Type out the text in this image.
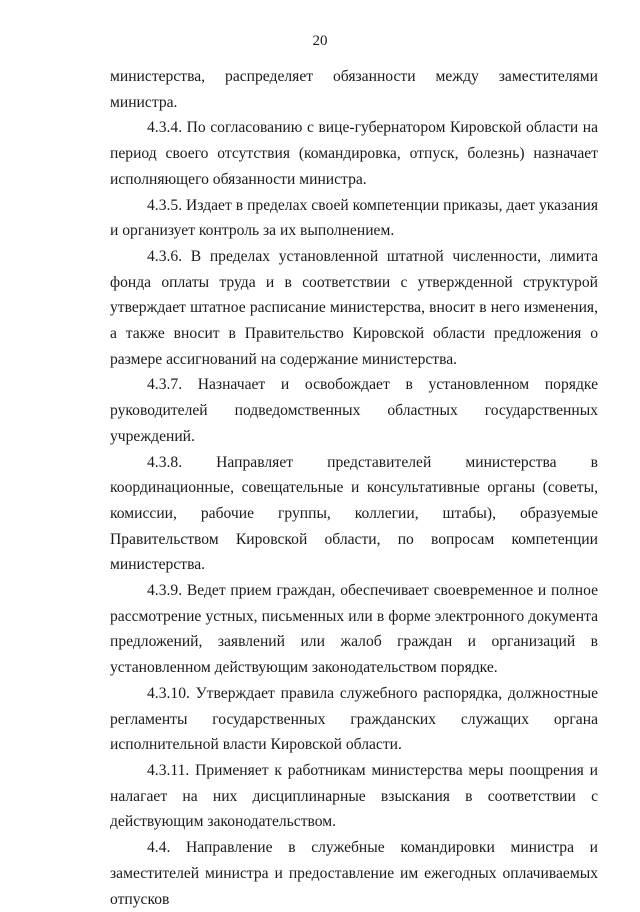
20

министерства, распределяет обязанности между заместителями министра.

4.3.4. По согласованию с вице-губернатором Кировской области на период своего отсутствия (командировка, отпуск, болезнь) назначает исполняющего обязанности министра.

4.3.5. Издает в пределах своей компетенции приказы, дает указания и организует контроль за их выполнением.

4.3.6. В пределах установленной штатной численности, лимита фонда оплаты труда и в соответствии с утвержденной структурой утверждает штатное расписание министерства, вносит в него изменения, а также вносит в Правительство Кировской области предложения о размере ассигнований на содержание министерства.

4.3.7. Назначает и освобождает в установленном порядке руководителей подведомственных областных государственных учреждений.

4.3.8. Направляет представителей министерства в координационные, совещательные и консультативные органы (советы, комиссии, рабочие группы, коллегии, штабы), образуемые Правительством Кировской области, по вопросам компетенции министерства.

4.3.9. Ведет прием граждан, обеспечивает своевременное и полное рассмотрение устных, письменных или в форме электронного документа предложений, заявлений или жалоб граждан и организаций в установленном действующим законодательством порядке.

4.3.10. Утверждает правила служебного распорядка, должностные регламенты государственных гражданских служащих органа исполнительной власти Кировской области.

4.3.11. Применяет к работникам министерства меры поощрения и налагает на них дисциплинарные взыскания в соответствии с действующим законодательством.

4.4. Направление в служебные командировки министра и заместителей министра и предоставление им ежегодных оплачиваемых отпусков
